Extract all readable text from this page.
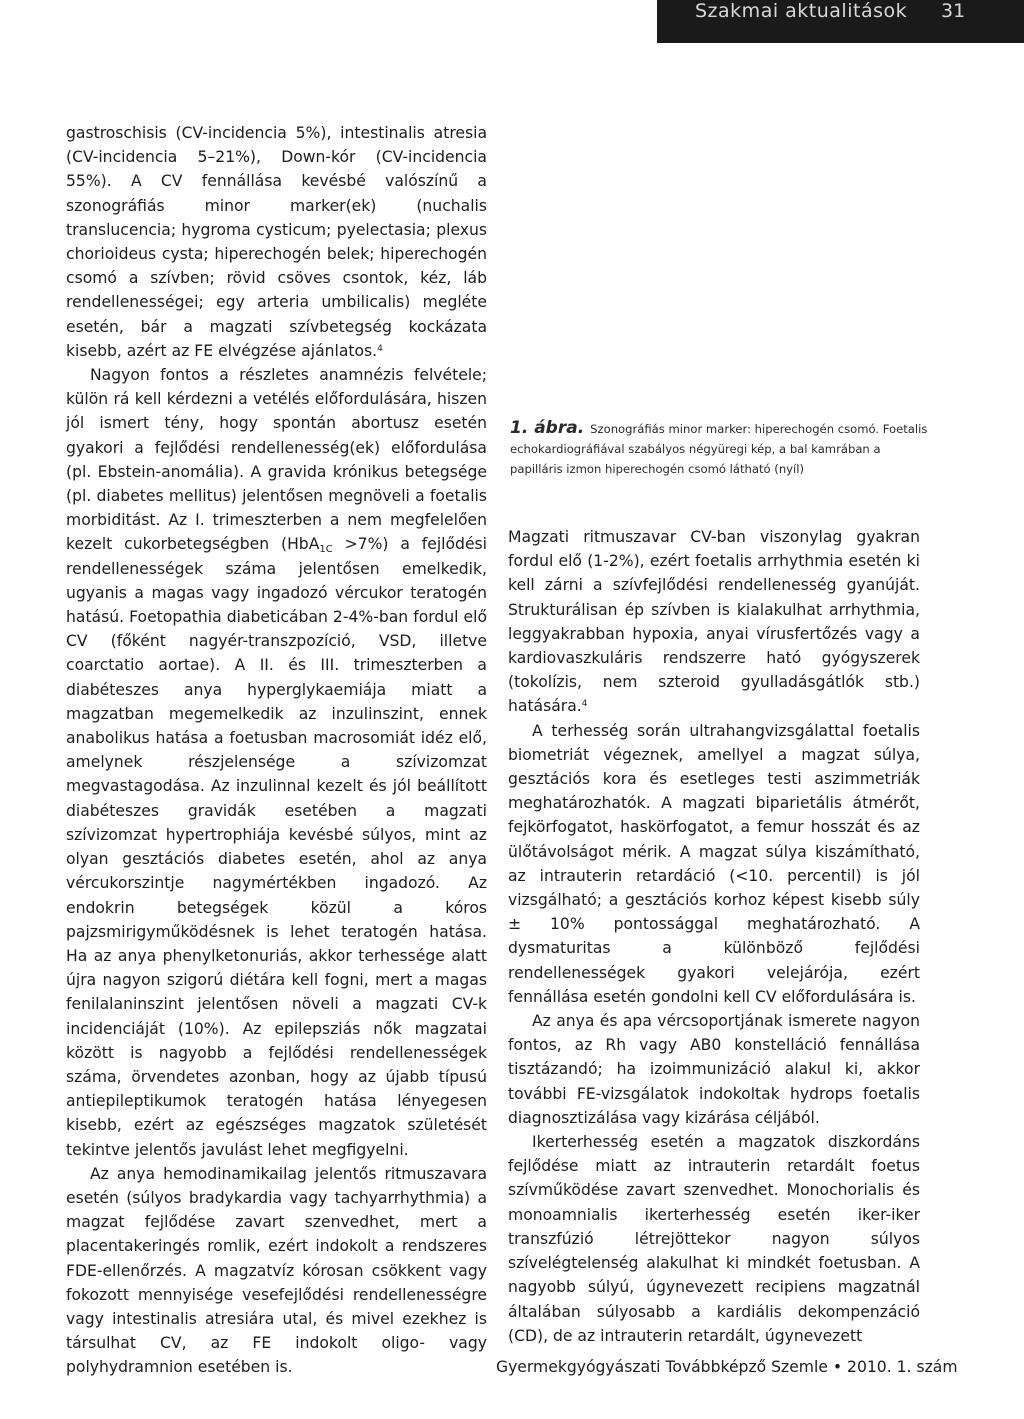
Szakmai aktualitások 31

gastroschisis (CV-incidencia 5%), intestinalis atresia (CV-incidencia 5–21%), Down-kór (CV-incidencia 55%). A CV fennállása kevésbé valószínű a szonográfiás minor marker(ek) (nuchalis translucencia; hygroma cysticum; pyelectasia; plexus chorioideus cysta; hiperechogén belek; hiperechogén csomó a szívben; rövid csöves csontok, kéz, láb rendellenességei; egy arteria umbilicalis) megléte esetén, bár a magzati szívbetegség kockázata kisebb, azért az FE elvégzése ajánlatos.$^4$

Nagyon fontos a részletes anamnézis felvétele; külön rá kell kérdezni a vetélés előfordulására, hiszen jól ismert tény, hogy spontán abortusz esetén gyakori a fejlődési rendellenesség(ek) előfordulása (pl. Ebstein-anomália). A gravida krónikus betegsége (pl. diabetes mellitus) jelentősen megnöveli a foetalis morbiditást. Az I. trimeszterben a nem megfelelően kezelt cukorbetegségben (HbA$_{1C}$ >7%) a fejlődési rendellenességek száma jelentősen emelkedik, ugyanis a magas vagy ingadozó vércukor teratogén hatású. Foetopathia diabeticában 2-4%-ban fordul elő CV (főként nagyér-transzpozíció, VSD, illetve coarctatio aortae). A II. és III. trimeszterben a diabéteszes anya hyperglykaemiája miatt a magzatban megemelkedik az inzulinszint, ennek anabolikus hatása a foetusban macrosomiát idéz elő, amelynek részjelensége a szívizomzat megvastagodása. Az inzulinnal kezelt és jól beállított diabéteszes gravidák esetében a magzati szívizomzat hypertrophiája kevésbé súlyos, mint az olyan gesztációs diabetes esetén, ahol az anya vércukorszintje nagymértékben ingadozó. Az endokrin betegségek közül a kóros pajzsmirigyműködésnek is lehet teratogén hatása. Ha az anya phenylketonuriás, akkor terhessége alatt újra nagyon szigorú diétára kell fogni, mert a magas fenilalaninszint jelentősen növeli a magzati CV-k incidenciáját (10%). Az epilepsziás nők magzatai között is nagyobb a fejlődési rendellenességek száma, örvendetes azonban, hogy az újabb típusú antiepileptikumok teratogén hatása lényegesen kisebb, ezért az egészséges magzatok születését tekintve jelentős javulást lehet megfigyelni.

Az anya hemodinamikailag jelentős ritmuszavara esetén (súlyos bradykardia vagy tachyarrhythmia) a magzat fejlődése zavart szenvedhet, mert a placentakeringés romlik, ezért indokolt a rendszeres FDE-ellenőrzés. A magzatvíz kórosan csökkent vagy fokozott mennyisége vesefejlődési rendellenességre vagy intestinalis atresiára utal, és mivel ezekhez is társulhat CV, az FE indokolt oligo- vagy polyhydramnion esetében is.

1. ábra. Szonográfiás minor marker: hiperechogén csomó. Foetalis echokardiográfiával szabályos négyüregi kép, a bal kamrában a papilláris izmon hiperechogén csomó látható (nyíl)

Magzati ritmuszavar CV-ban viszonylag gyakran fordul elő (1-2%), ezért foetalis arrhythmia esetén ki kell zárni a szívfejlődési rendellenesség gyanúját. Strukturálisan ép szívben is kialakulhat arrhythmia, leggyakrabban hypoxia, anyai vírusfertőzés vagy a kardiovaszkuláris rendszerre ható gyógyszerek (tokolízis, nem szteroid gyulladásgátlók stb.) hatására.$^4$

A terhesség során ultrahangvizsgálattal foetalis biometriát végeznek, amellyel a magzat súlya, gesztációs kora és esetleges testi aszimmetriák meghatározhatók. A magzati biparietális átmérőt, fejkörfogatot, haskörfogatot, a femur hosszát és az ülőtávolságot mérik. A magzat súlya kiszámítható, az intrauterin retardáció (<10. percentil) is jól vizsgálható; a gesztációs korhoz képest kisebb súly ± 10% pontossággal meghatározható. A dysmaturitas a különböző fejlődési rendellenességek gyakori velejárója, ezért fennállása esetén gondolni kell CV előfordulására is.

Az anya és apa vércsoportjának ismerete nagyon fontos, az Rh vagy AB0 konstelláció fennállása tisztázandó; ha izoimmunizáció alakul ki, akkor további FE-vizsgálatok indokoltak hydrops foetalis diagnosztizálása vagy kizárása céljából.

Ikerterhesség esetén a magzatok diszkordáns fejlődése miatt az intrauterin retardált foetus szívműködése zavart szenvedhet. Monochorialis és monoamnialis ikerterhesség esetén iker-iker transzfúzió létrejöttekor nagyon súlyos szívelégtelenség alakulhat ki mindkét foetusban. A nagyobb súlyú, úgynevezett recipiens magzatnál általában súlyosabb a kardiális dekompenzáció (CD), de az intrauterin retardált, úgynevezett

Gyermekgyógyászati Továbbképző Szemle • 2010. 1. szám
